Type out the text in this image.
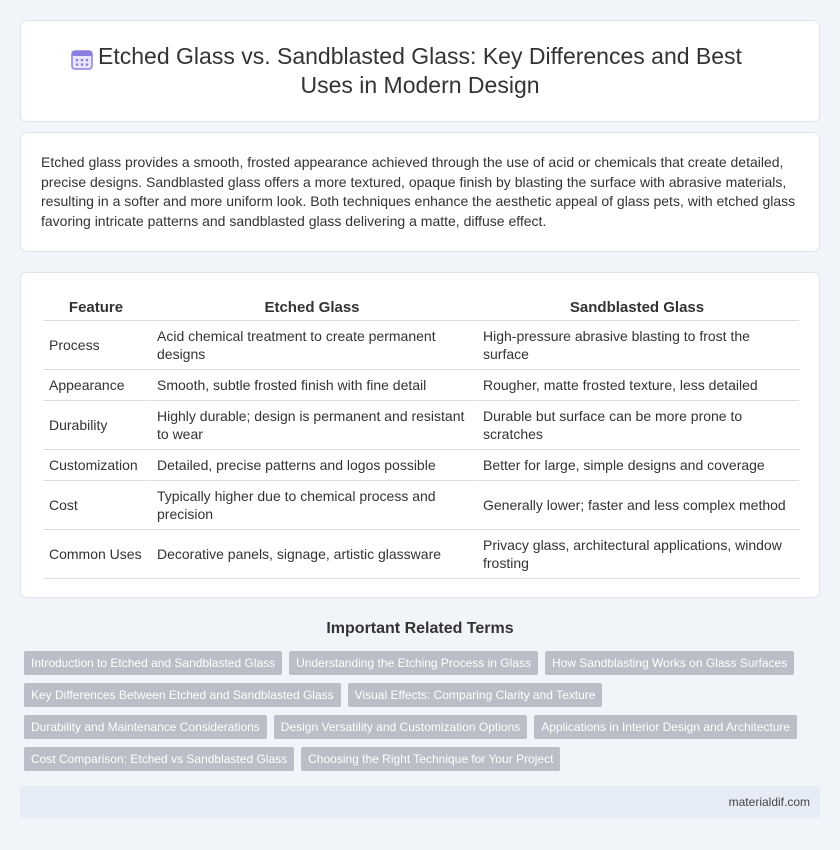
Etched Glass vs. Sandblasted Glass: Key Differences and Best Uses in Modern Design

Etched glass provides a smooth, frosted appearance achieved through the use of acid or chemicals that create detailed, precise designs. Sandblasted glass offers a more textured, opaque finish by blasting the surface with abrasive materials, resulting in a softer and more uniform look. Both techniques enhance the aesthetic appeal of glass pets, with etched glass favoring intricate patterns and sandblasted glass delivering a matte, diffuse effect.

Feature	Etched Glass	Sandblasted Glass
Process	Acid chemical treatment to create permanent designs	High-pressure abrasive blasting to frost the surface
Appearance	Smooth, subtle frosted finish with fine detail	Rougher, matte frosted texture, less detailed
Durability	Highly durable; design is permanent and resistant to wear	Durable but surface can be more prone to scratches
Customization	Detailed, precise patterns and logos possible	Better for large, simple designs and coverage
Cost	Typically higher due to chemical process and precision	Generally lower; faster and less complex method
Common Uses	Decorative panels, signage, artistic glassware	Privacy glass, architectural applications, window frosting
Important Related Terms
Introduction to Etched and Sandblasted Glass	Understanding the Etching Process in Glass	How Sandblasting Works on Glass Surfaces
Key Differences Between Etched and Sandblasted Glass	Visual Effects: Comparing Clarity and Texture
Durability and Maintenance Considerations	Design Versatility and Customization Options	Applications in Interior Design and Architecture
Cost Comparison: Etched vs Sandblasted Glass	Choosing the Right Technique for Your Project
materialdif.com
